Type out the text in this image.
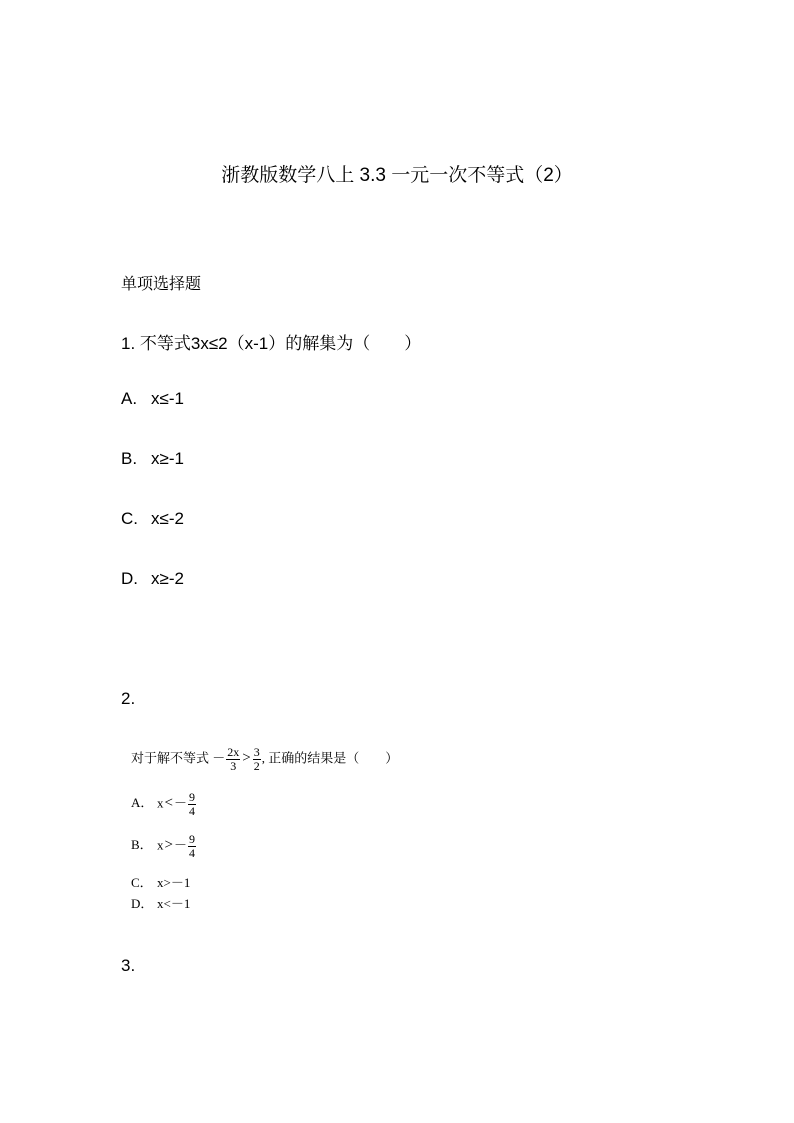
浙教版数学八上 3.3 一元一次不等式（2）
单项选择题
1. 不等式3x≤2（x-1）的解集为（　　）
A. x≤-1
B. x≥-1
C. x≤-2
D. x≥-2
2.
对于解不等式 － $\frac{2x}{3} > \frac{3}{2}$ , 正确的结果是（　　）
A． $x<- \frac{9}{4}$
B． $x>- \frac{9}{4}$
C． x>－1
D． x<－1
3.
